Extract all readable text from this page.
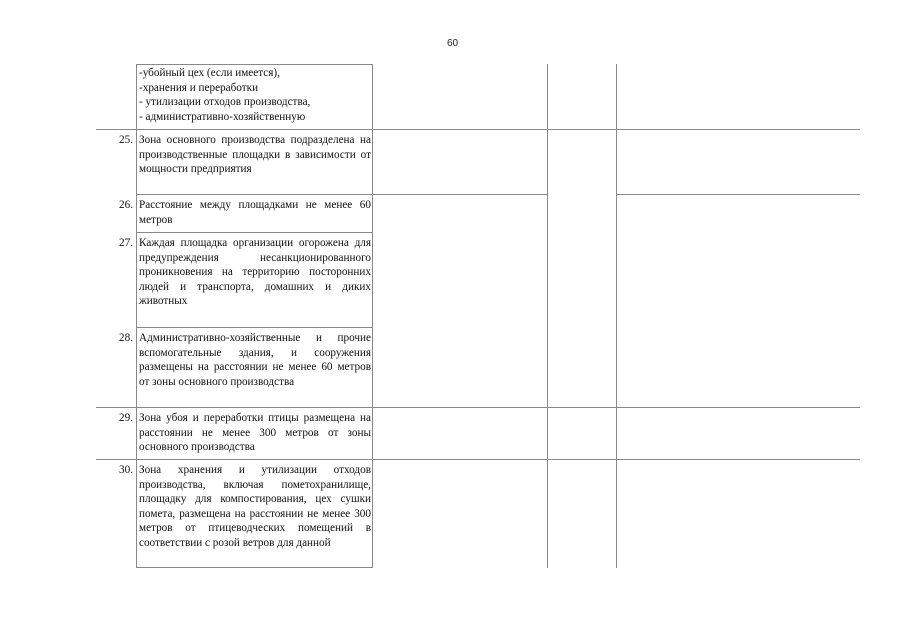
60
-убойный цех (если имеется),
-хранения и переработки
- утилизации отходов производства,
- административно-хозяйственную
25. Зона основного производства подразделена на производственные площадки в зависимости от мощности предприятия
26. Расстояние между площадками не менее 60 метров
27. Каждая площадка организации огорожена для предупреждения несанкционированного проникновения на территорию посторонних людей и транспорта, домашних и диких животных
28. Административно-хозяйственные и прочие вспомогательные здания, и сооружения размещены на расстоянии не менее 60 метров от зоны основного производства
29. Зона убоя и переработки птицы размещена на расстоянии не менее 300 метров от зоны основного производства
30. Зона хранения и утилизации отходов производства, включая пометохранилище, площадку для компостирования, цех сушки помета, размещена на расстоянии не менее 300 метров от птицеводческих помещений в соответствии с розой ветров для данной
